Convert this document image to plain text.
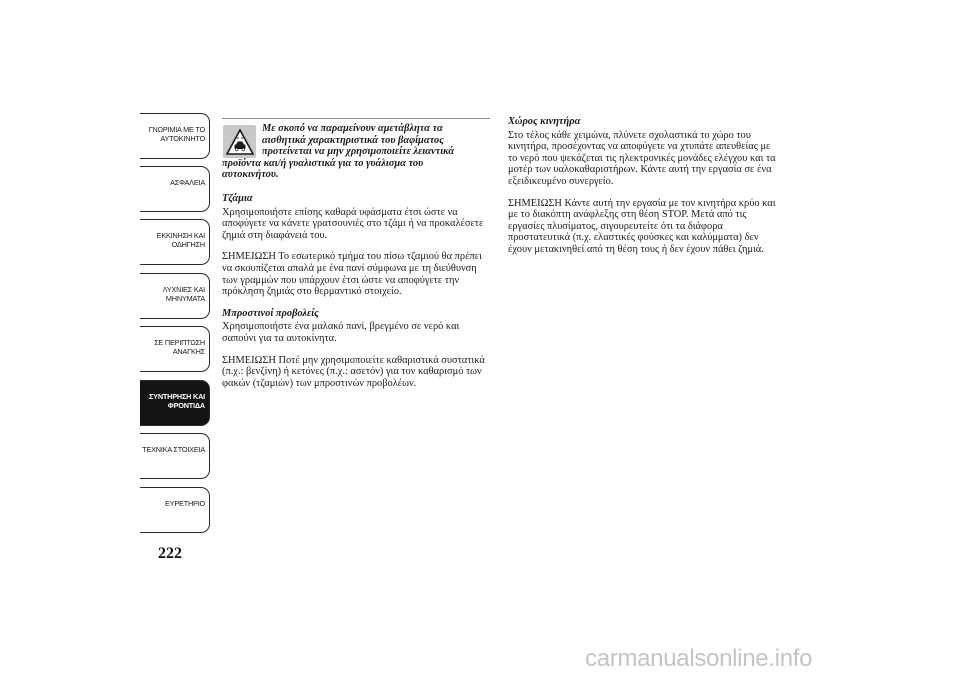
ΓΝΩΡΙΜΙΑ ΜΕ ΤΟ
ΑΥΤΟΚΙΝΗΤΟ
ΑΣΦΑΛΕΙΑ
ΕΚΚΙΝΗΣΗ ΚΑΙ
ΟΔΗΓΗΣΗ
ΛΥΧΝΙΕΣ ΚΑΙ
ΜΗΝΥΜΑΤΑ
ΣΕ ΠΕΡΙΠΤΩΣΗ
ΑΝΑΓΚΗΣ
ΣΥΝΤΗΡΗΣΗ ΚΑΙ
ΦΡΟΝΤΙΔΑ
ΤΕΧΝΙΚΑ ΣΤΟΙΧΕΙΑ
ΕΥΡΕΤΗΡΙΟ
222

Με σκοπό να παραμείνουν αμετάβλητα τα
αισθητικά χαρακτηριστικά του βαφίματος
προτείνεται να μην χρησιμοποιείτε λειαντικά
προϊόντα και/ή γυαλιστικά για το γυάλισμα του
αυτοκινήτου.

Τζάμια

Χρησιμοποιήστε επίσης καθαρά υφάσματα έτσι ώστε να αποφύγετε να κάνετε γρατσουνιές στο τζάμι ή να προκαλέσετε ζημιά στη διαφάνειά του.

ΣΗΜΕΙΩΣΗ Το εσωτερικό τμήμα του πίσω τζαμιού θα πρέπει να σκουπίζεται απαλά με ένα πανί σύμφωνα με τη διεύθυνση των γραμμών που υπάρχουν έτσι ώστε να αποφύγετε την πρόκληση ζημιάς στο θερμαντικό στοιχείο.

Μπροστινοί προβολείς

Χρησιμοποιήστε ένα μαλακό πανί, βρεγμένο σε νερό και σαπούνι για τα αυτοκίνητα.

ΣΗΜΕΙΩΣΗ Ποτέ μην χρησιμοποιείτε καθαριστικά συστατικά (π.χ.: βενζίνη) ή κετόνες (π.χ.: ασετόν) για τον καθαρισμό των φακών (τζαμιών) των μπροστινών προβολέων.

Χώρος κινητήρα

Στο τέλος κάθε χειμώνα, πλύνετε σχολαστικά το χώρο του κινητήρα, προσέχοντας να αποφύγετε να χτυπάτε απευθείας με το νερό που ψεκάζεται τις ηλεκτρονικές μονάδες ελέγχου και τα μοτέρ των υαλοκαθαριστήρων. Κάντε αυτή την εργασία σε ένα εξειδικευμένο συνεργείο.

ΣΗΜΕΙΩΣΗ Κάντε αυτή την εργασία με τον κινητήρα κρύο και με το διακόπτη ανάφλεξης στη θέση STOP. Μετά από τις εργασίες πλυσίματος, σιγουρευτείτε ότι τα διάφορα προστατευτικά (π.χ. ελαστικές φούσκες και καλύμματα) δεν έχουν μετακινηθεί από τη θέση τους ή δεν έχουν πάθει ζημιά.

carmanualsonline.info
